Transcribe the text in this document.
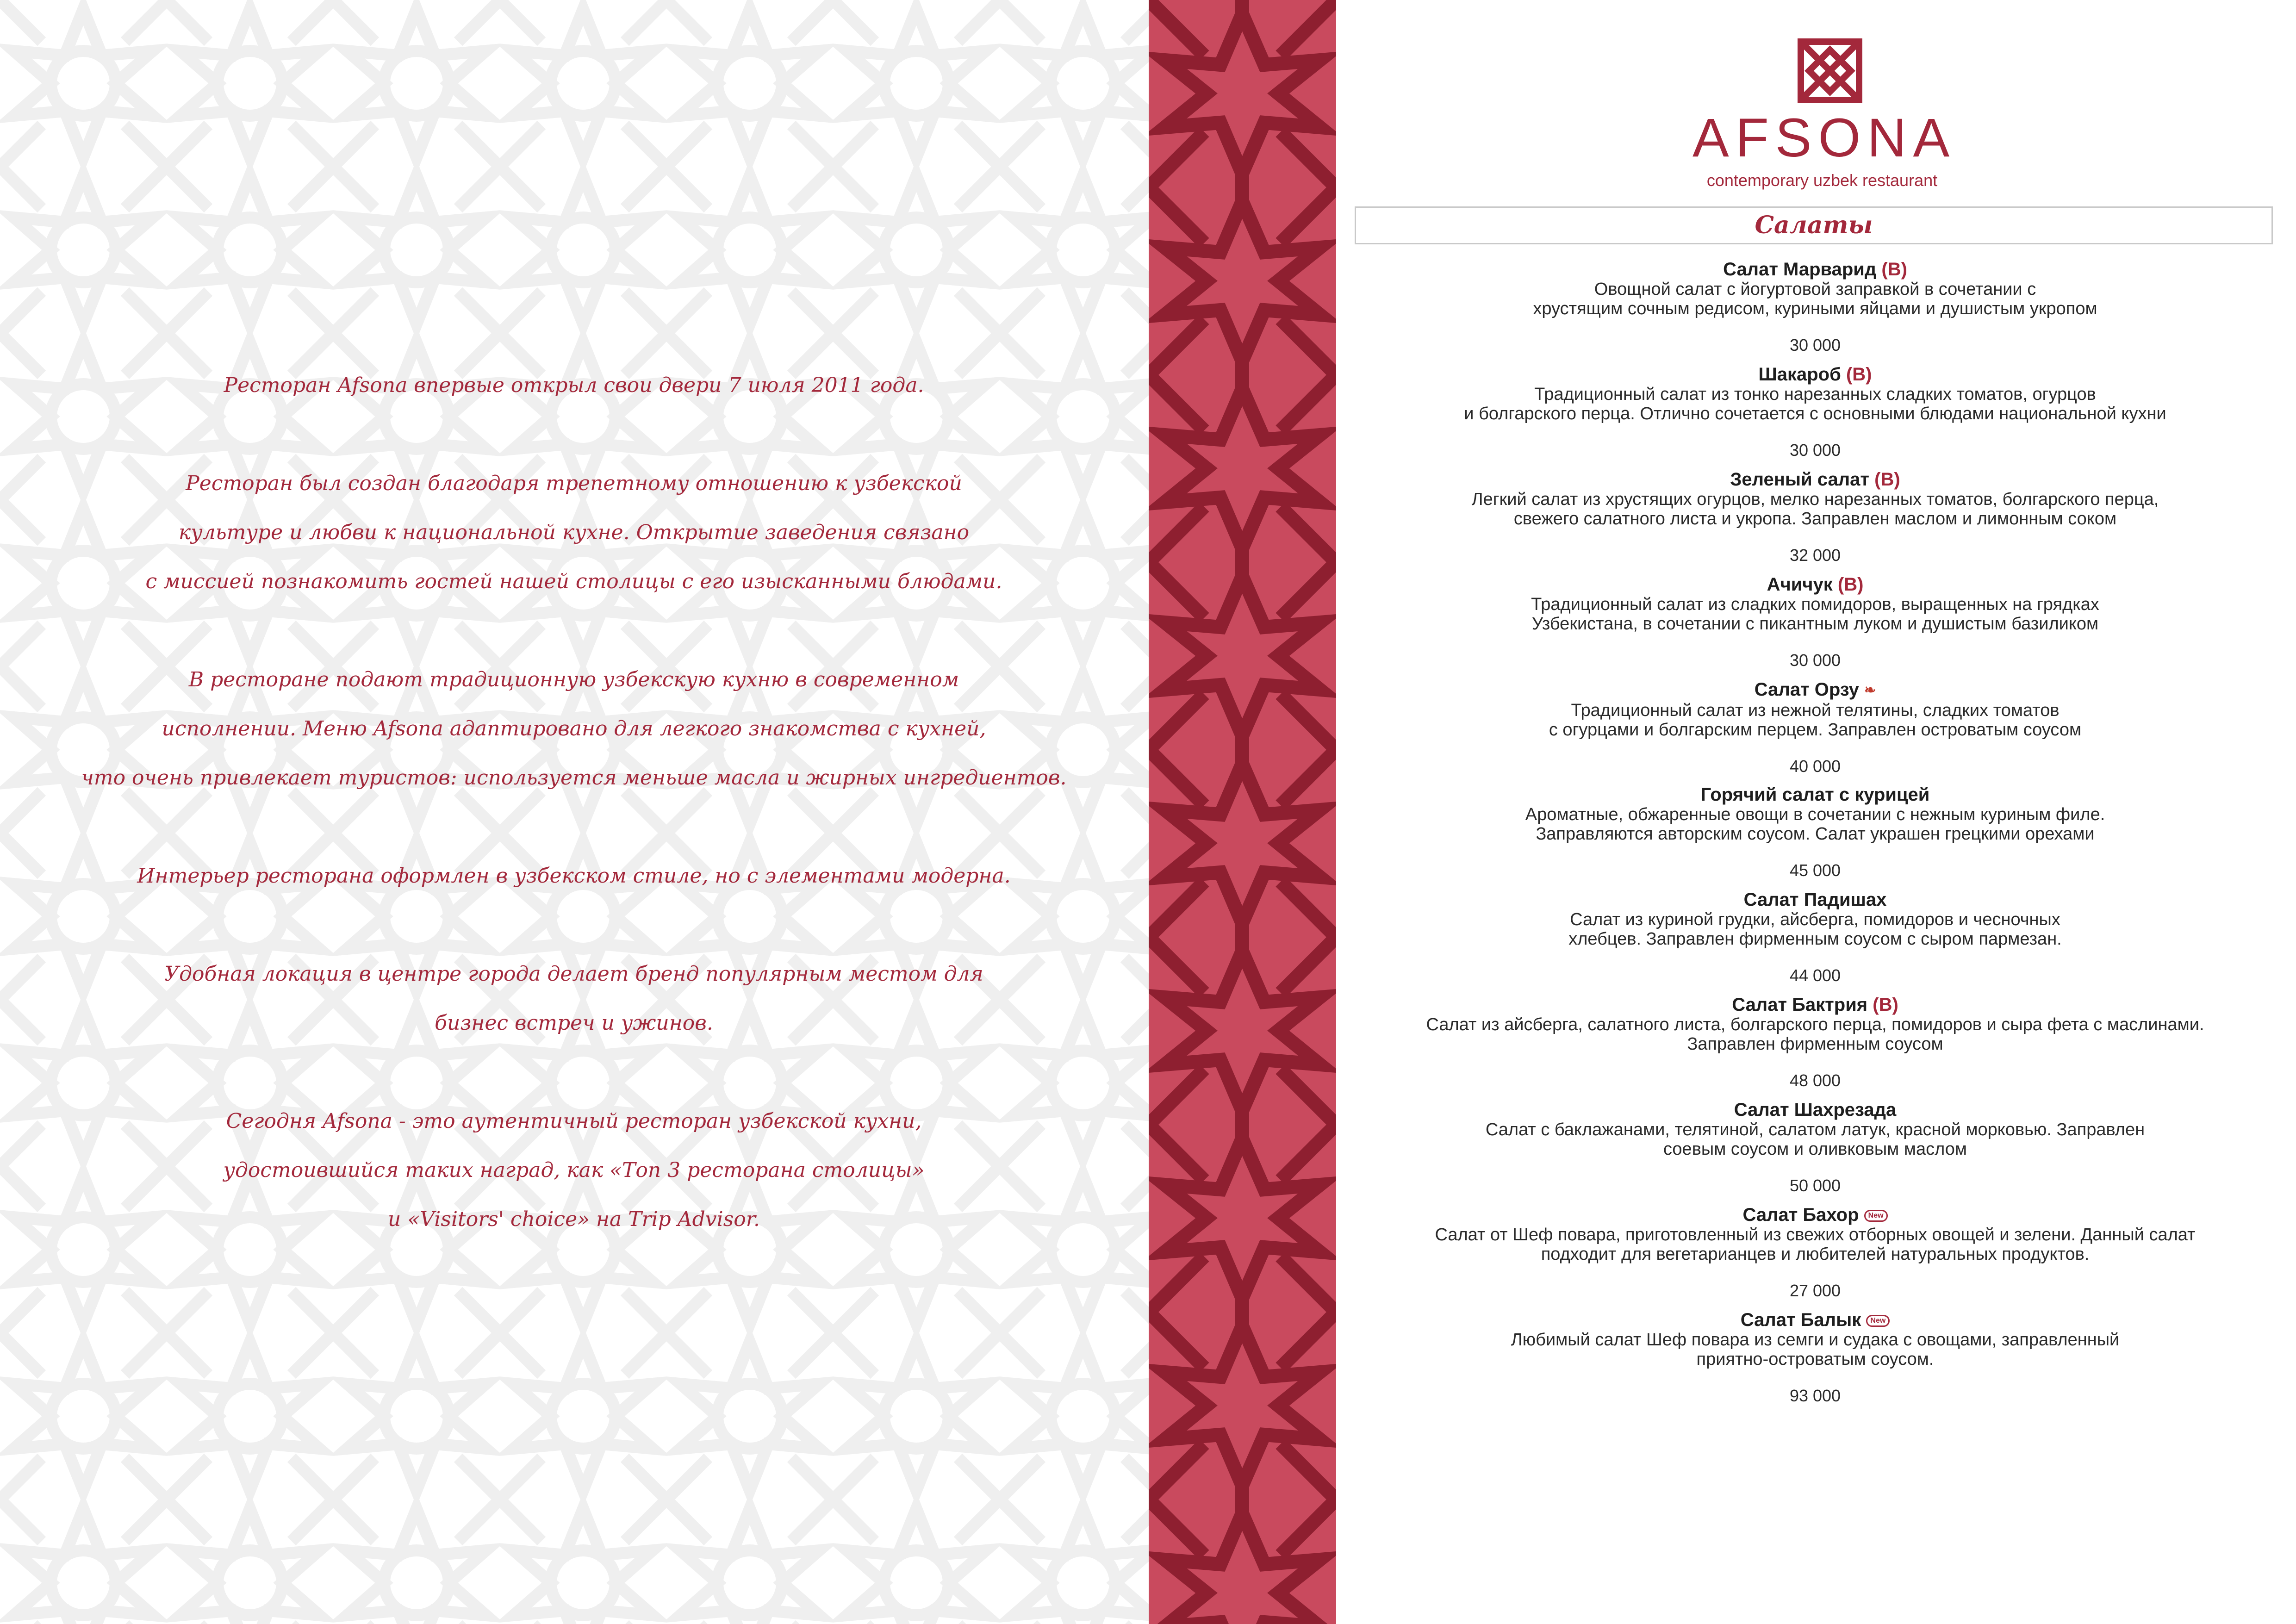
Ресторан Afsona впервые открыл свои двери 7 июля 2011 года.

Ресторан был создан благодаря трепетному отношению к узбекской
культуре и любви к национальной кухне. Открытие заведения связано
с миссией познакомить гостей нашей столицы с его изысканными блюдами.

В ресторане подают традиционную узбекскую кухню в современном
исполнении. Меню Afsona адаптировано для легкого знакомства с кухней,
что очень привлекает туристов: используется меньше масла и жирных ингредиентов.

Интерьер ресторана оформлен в узбекском стиле, но с элементами модерна.

Удобная локация в центре города делает бренд популярным местом для
бизнес встреч и ужинов.

Сегодня Afsona - это аутентичный ресторан узбекской кухни,
удостоившийся таких наград, как «Топ 3 ресторана столицы»
и «Visitors' choice» на Trip Advisor.

AFSONA
contemporary uzbek restaurant
Салаты
Салат Марварид (В)
Овощной салат с йогуртовой заправкой в сочетании с
хрустящим сочным редисом, куриными яйцами и душистым укропом
30 000
Шакароб (В)
Традиционный салат из тонко нарезанных сладких томатов, огурцов
и болгарского перца. Отлично сочетается с основными блюдами национальной кухни
30 000
Зеленый салат (В)
Легкий салат из хрустящих огурцов, мелко нарезанных томатов, болгарского перца,
свежего салатного листа и укропа. Заправлен маслом и лимонным соком
32 000
Ачичук (В)
Традиционный салат из сладких помидоров, выращенных на грядках
Узбекистана, в сочетании с пикантным луком и душистым базиликом
30 000
Салат Орзу ❧
Традиционный салат из нежной телятины, сладких томатов
с огурцами и болгарским перцем. Заправлен островатым соусом
40 000
Горячий салат с курицей
Ароматные, обжаренные овощи в сочетании с нежным куриным филе.
Заправляются авторским соусом. Салат украшен грецкими орехами
45 000
Салат Падишах
Салат из куриной грудки, айсберга, помидоров и чесночных
хлебцев. Заправлен фирменным соусом с сыром пармезан.
44 000
Салат Бактрия (В)
Салат из айсберга, салатного листа, болгарского перца, помидоров и сыра фета с маслинами.
Заправлен фирменным соусом
48 000
Салат Шахрезада
Салат с баклажанами, телятиной, салатом латук, красной морковью. Заправлен
соевым соусом и оливковым маслом
50 000
Салат Бахор New
Салат от Шеф повара, приготовленный из свежих отборных овощей и зелени. Данный салат
подходит для вегетарианцев и любителей натуральных продуктов.
27 000
Салат Балык New
Любимый салат Шеф повара из семги и судака с овощами, заправленный
приятно-островатым соусом.
93 000
